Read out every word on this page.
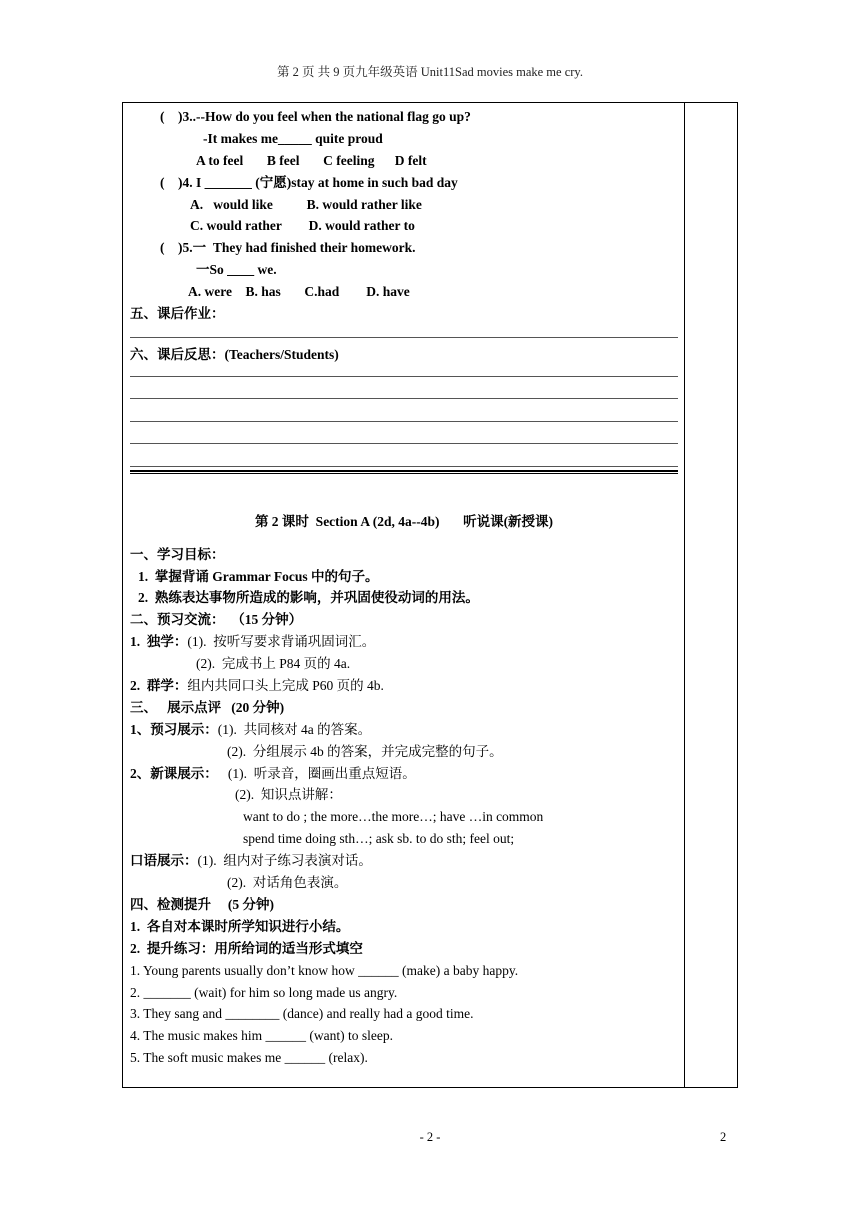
第 2 页 共 9 页九年级英语 Unit11Sad movies make me cry.
(    )3..--How do you feel when the national flag go up?
-It makes me_____ quite proud
A to feel       B feel       C feeling      D felt
(    )4. I _______ (宁愿)stay at home in such bad day
A.   would like          B. would rather like
C. would rather        D. would rather to
(    )5.一  They had finished their homework.
一So ____ we.
A. were    B. has       C.had        D. have
五、课后作业：
六、课后反思：(Teachers/Students)
第 2 课时  Section A (2d, 4a--4b)       听说课(新授课)
一、学习目标：
1.  掌握背诵 Grammar Focus 中的句子。
2.  熟练表达事物所造成的影响，并巩固使役动词的用法。
二、预习交流：  （15 分钟）
1.  独学：(1).  按听写要求背诵巩固词汇。
(2).  完成书上 P84 页的 4a.
2.  群学：组内共同口头上完成 P60 页的 4b.
三、   展示点评   (20 分钟)
1、预习展示：(1).  共同核对 4a 的答案。
(2).  分组展示 4b 的答案，并完成完整的句子。
2、新课展示：   (1).  听录音，圈画出重点短语。
(2).  知识点讲解：
want to do ; the more…the more…; have …in common
spend time doing sth…; ask sb. to do sth; feel out;
口语展示：(1).  组内对子练习表演对话。
(2).  对话角色表演。
四、检测提升     (5 分钟)
1.  各自对本课时所学知识进行小结。
2.  提升练习：用所给词的适当形式填空
1. Young parents usually don’t know how ______ (make) a baby happy.
2. _______ (wait) for him so long made us angry.
3. They sang and ________ (dance) and really had a good time.
4. The music makes him ______ (want) to sleep.
5. The soft music makes me ______ (relax).
- 2 -	2
